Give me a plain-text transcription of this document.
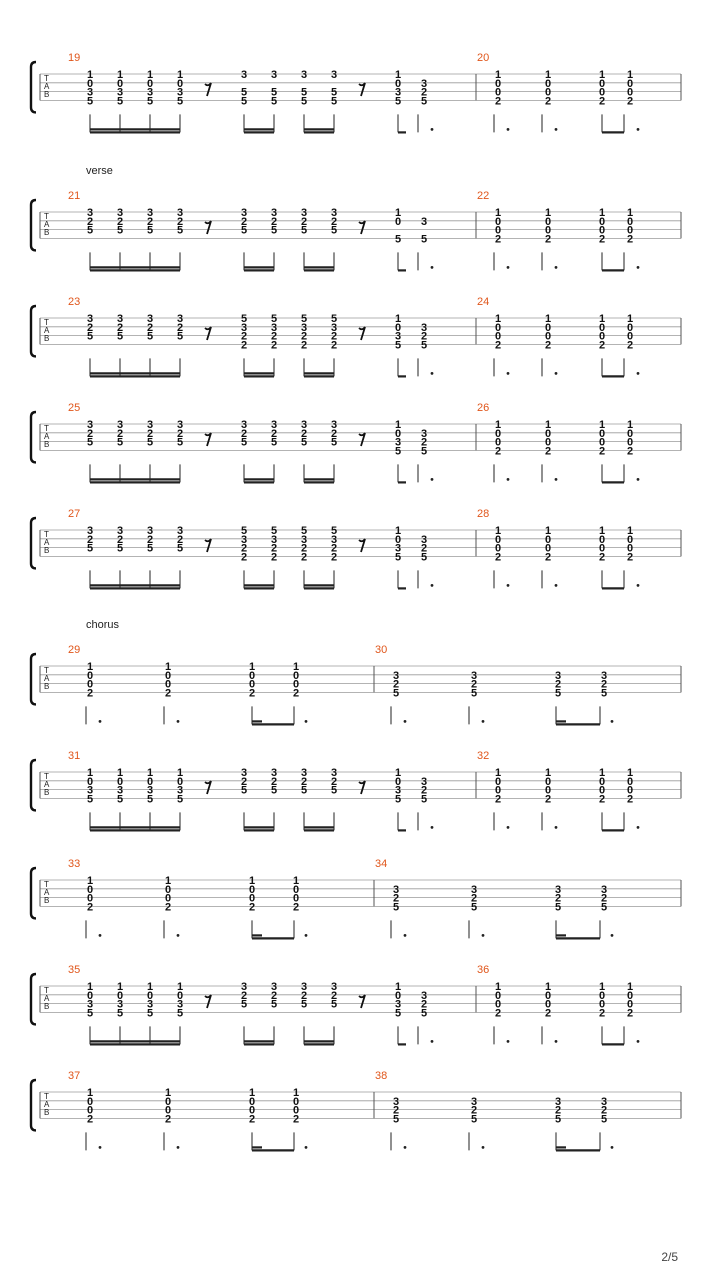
T
A
B
19	20
1
0
3
5
1
0
3
5
1
0
3
5
1
0
3
5
3
5
5
3
5
5
3
5
5
3
5
5
1
0
3
5
3
2
5
1
0
0
2
1
0
0
2
1
0
0
2
1
0
0
2
T
A
B
verse
21	22
3
2
5
3
2
5
3
2
5
3
2
5
3
2
5
3
2
5
3
2
5
3
2
5
1
0
5
3
5
1
0
0
2
1
0
0
2
1
0
0
2
1
0
0
2
T
A
B
23	24
3
2
5
3
2
5
3
2
5
3
2
5
5
3
2
2
5
3
2
2
5
3
2
2
5
3
2
2
1
0
3
5
3
2
5
1
0
0
2
1
0
0
2
1
0
0
2
1
0
0
2
T
A
B
25	26
3
2
5
3
2
5
3
2
5
3
2
5
3
2
5
3
2
5
3
2
5
3
2
5
1
0
3
5
3
2
5
1
0
0
2
1
0
0
2
1
0
0
2
1
0
0
2
T
A
B
27	28
3
2
5
3
2
5
3
2
5
3
2
5
5
3
2
2
5
3
2
2
5
3
2
2
5
3
2
2
1
0
3
5
3
2
5
1
0
0
2
1
0
0
2
1
0
0
2
1
0
0
2
T
A
B
chorus
29	30
1
0
0
2
1
0
0
2
1
0
0
2
1
0
0
2
3
2
5
3
2
5
3
2
5
3
2
5
T
A
B
31	32
1
0
3
5
1
0
3
5
1
0
3
5
1
0
3
5
3
2
5
3
2
5
3
2
5
3
2
5
1
0
3
5
3
2
5
1
0
0
2
1
0
0
2
1
0
0
2
1
0
0
2
T
A
B
33	34
1
0
0
2
1
0
0
2
1
0
0
2
1
0
0
2
3
2
5
3
2
5
3
2
5
3
2
5
T
A
B
35	36
1
0
3
5
1
0
3
5
1
0
3
5
1
0
3
5
3
2
5
3
2
5
3
2
5
3
2
5
1
0
3
5
3
2
5
1
0
0
2
1
0
0
2
1
0
0
2
1
0
0
2
T
A
B
37	38
1
0
0
2
1
0
0
2
1
0
0
2
1
0
0
2
3
2
5
3
2
5
3
2
5
3
2
5
2/5
